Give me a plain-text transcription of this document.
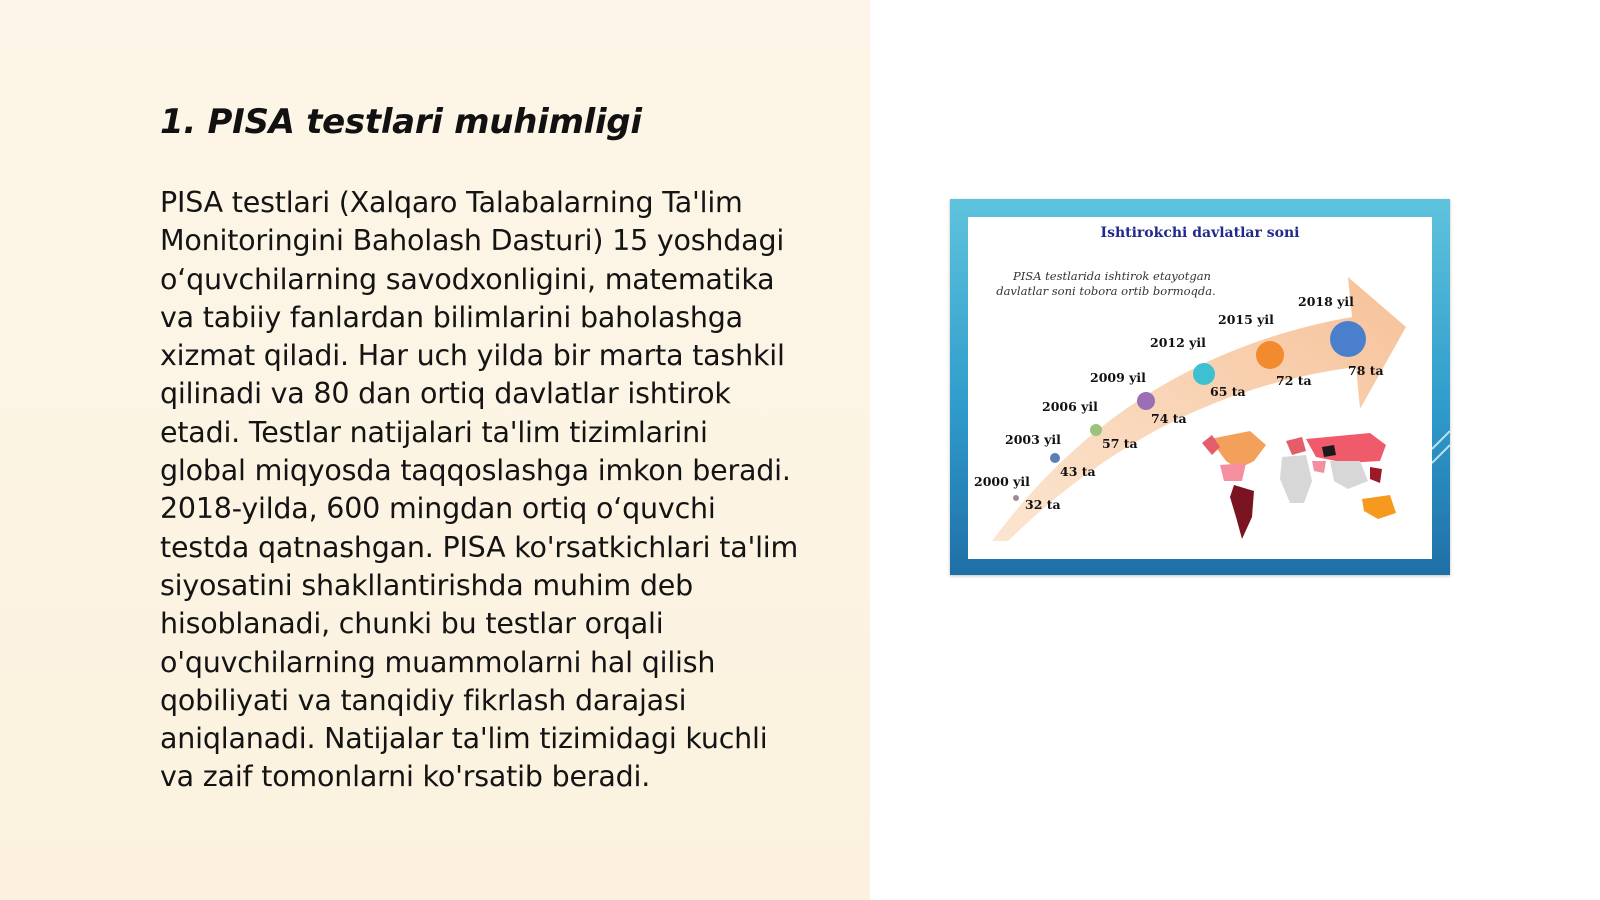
1. PISA testlari muhimligi
PISA testlari (Xalqaro Talabalarning Ta'lim
Monitoringini Baholash Dasturi) 15 yoshdagi
o‘quvchilarning savodxonligini, matematika
va tabiiy fanlardan bilimlarini baholashga
xizmat qiladi. Har uch yilda bir marta tashkil
qilinadi va 80 dan ortiq davlatlar ishtirok
etadi. Testlar natijalari ta'lim tizimlarini
global miqyosda taqqoslashga imkon beradi.
2018-yilda, 600 mingdan ortiq o‘quvchi
testda qatnashgan. PISA ko'rsatkichlari ta'lim
siyosatini shakllantirishda muhim deb
hisoblanadi, chunki bu testlar orqali
o'quvchilarning muammolarni hal qilish
qobiliyati va tanqidiy fikrlash darajasi
aniqlanadi. Natijalar ta'lim tizimidagi kuchli
va zaif tomonlarni ko'rsatib beradi.
Ishtirokchi davlatlar soni
PISA testlarida ishtirok etayotgan
davlatlar soni tobora ortib bormoqda.
2000 yil
32 ta
2003 yil
43 ta
2006 yil
57 ta
2009 yil
74 ta
2012 yil
65 ta
2015 yil
72 ta
2018 yil
78 ta
